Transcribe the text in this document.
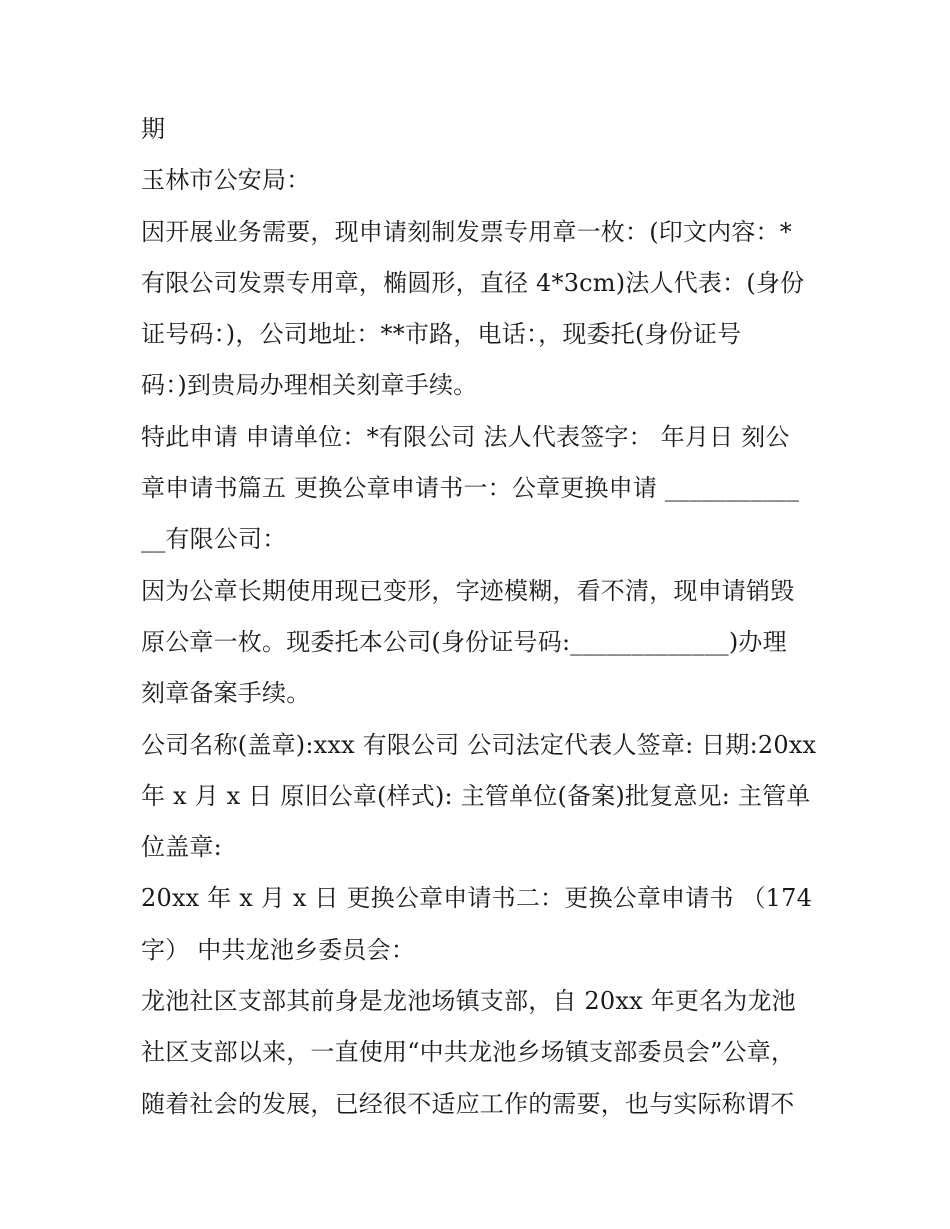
期
玉林市公安局：
因开展业务需要，现申请刻制发票专用章一枚：(印文内容：*
有限公司发票专用章，椭圆形，直径 4*3cm)法人代表：(身份
证号码：)，公司地址：**市路，电话：，现委托(身份证号
码：)到贵局办理相关刻章手续。
特此申请 申请单位：*有限公司 法人代表签字： 年月日 刻公
章申请书篇五 更换公章申请书一：公章更换申请 ___________
__有限公司：
因为公章长期使用现已变形，字迹模糊，看不清，现申请销毁
原公章一枚。现委托本公司(身份证号码:_____________)办理
刻章备案手续。
公司名称(盖章):xxx 有限公司 公司法定代表人签章: 日期:20xx
年 x 月 x 日 原旧公章(样式): 主管单位(备案)批复意见: 主管单
位盖章:
20xx 年 x 月 x 日 更换公章申请书二：更换公章申请书 （174
字） 中共龙池乡委员会：
龙池社区支部其前身是龙池场镇支部，自 20xx 年更名为龙池
社区支部以来，一直使用“中共龙池乡场镇支部委员会”公章，
随着社会的发展，已经很不适应工作的需要，也与实际称谓不
